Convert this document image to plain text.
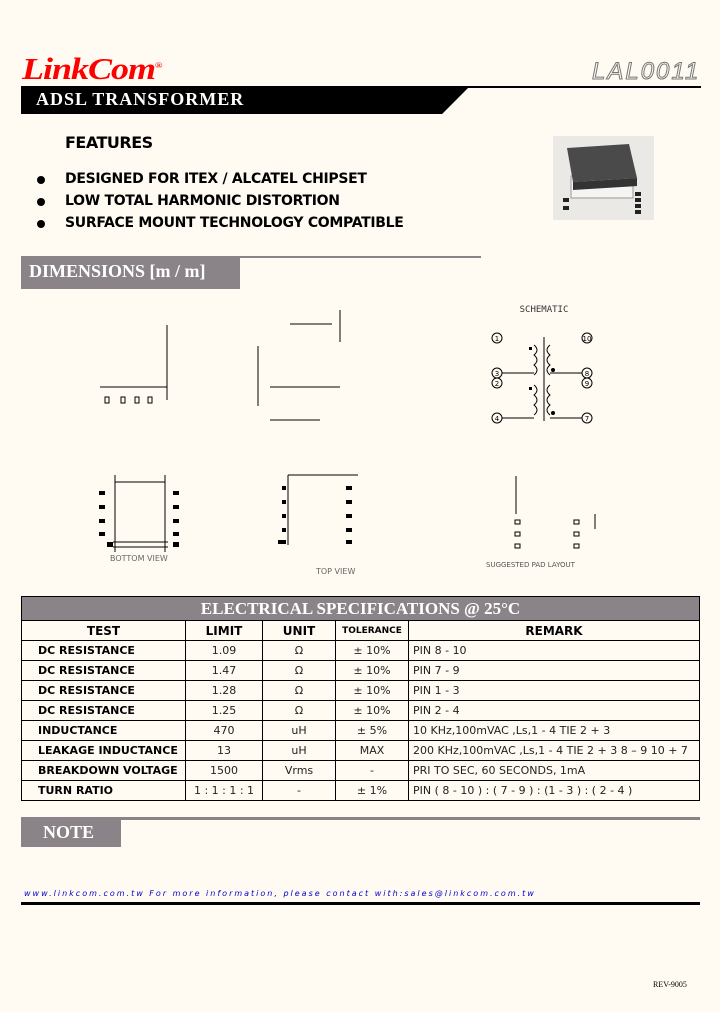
LinkCom®	LAL0011
ADSL TRANSFORMER
FEATURES
DESIGNED FOR ITEX / ALCATEL CHIPSET
LOW TOTAL HARMONIC DISTORTION
SURFACE MOUNT TECHNOLOGY COMPATIBLE
DIMENSIONS [m / m]
SCHEMATIC
1
3
2
4
10
8
9
7
BOTTOM VIEW
TOP VIEW
SUGGESTED PAD LAYOUT
ELECTRICAL SPECIFICATIONS @ 25°C				
TEST	LIMIT	UNIT	TOLERANCE	REMARK
DC RESISTANCE	1.09	Ω	± 10%	PIN 8 - 10
DC RESISTANCE	1.47	Ω	± 10%	PIN 7 - 9
DC RESISTANCE	1.28	Ω	± 10%	PIN 1 - 3
DC RESISTANCE	1.25	Ω	± 10%	PIN 2 - 4
INDUCTANCE	470	uH	± 5%	10 KHz,100mVAC ,Ls,1 - 4 TIE 2 + 3
LEAKAGE INDUCTANCE	13	uH	MAX	200 KHz,100mVAC ,Ls,1 - 4 TIE 2 + 3 8 – 9 10 + 7
BREAKDOWN VOLTAGE	1500	Vrms	-	PRI TO SEC, 60 SECONDS, 1mA
TURN RATIO	1 : 1 : 1 : 1	-	± 1%	PIN ( 8 - 10 ) : ( 7 - 9 ) : (1 - 3 ) : ( 2 - 4 )
NOTE
www.linkcom.com.tw For more information, please contact with:sales@linkcom.com.tw
REV-9005
